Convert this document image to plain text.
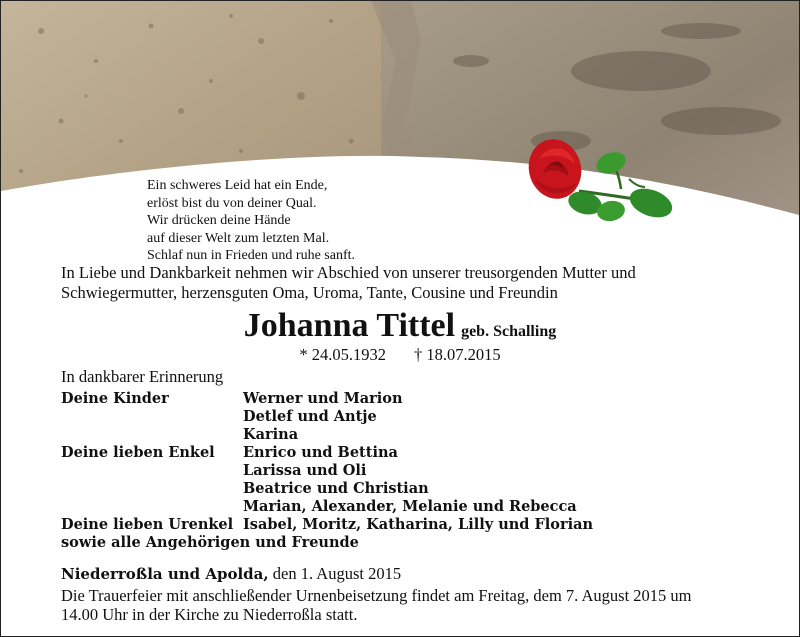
Ein schweres Leid hat ein Ende,
erlöst bist du von deiner Qual.
Wir drücken deine Hände
auf dieser Welt zum letzten Mal.
Schlaf nun in Frieden und ruhe sanft.
In Liebe und Dankbarkeit nehmen wir Abschied von unserer treusorgenden Mutter und
Schwiegermutter, herzensguten Oma, Uroma, Tante, Cousine und Freundin
Johanna Tittel geb. Schalling
* 24.05.1932 † 18.07.2015
In dankbarer Erinnerung
Deine Kinder	Werner und Marion
Detlef und Antje
Karina
Deine lieben Enkel	Enrico und Bettina
Larissa und Oli
Beatrice und Christian
Marian, Alexander, Melanie und Rebecca
Deine lieben Urenkel Isabel, Moritz, Katharina, Lilly und Florian
sowie alle Angehörigen und Freunde
Niederroßla und Apolda, den 1. August 2015
Die Trauerfeier mit anschließender Urnenbeisetzung findet am Freitag, dem 7. August 2015 um
14.00 Uhr in der Kirche zu Niederroßla statt.
